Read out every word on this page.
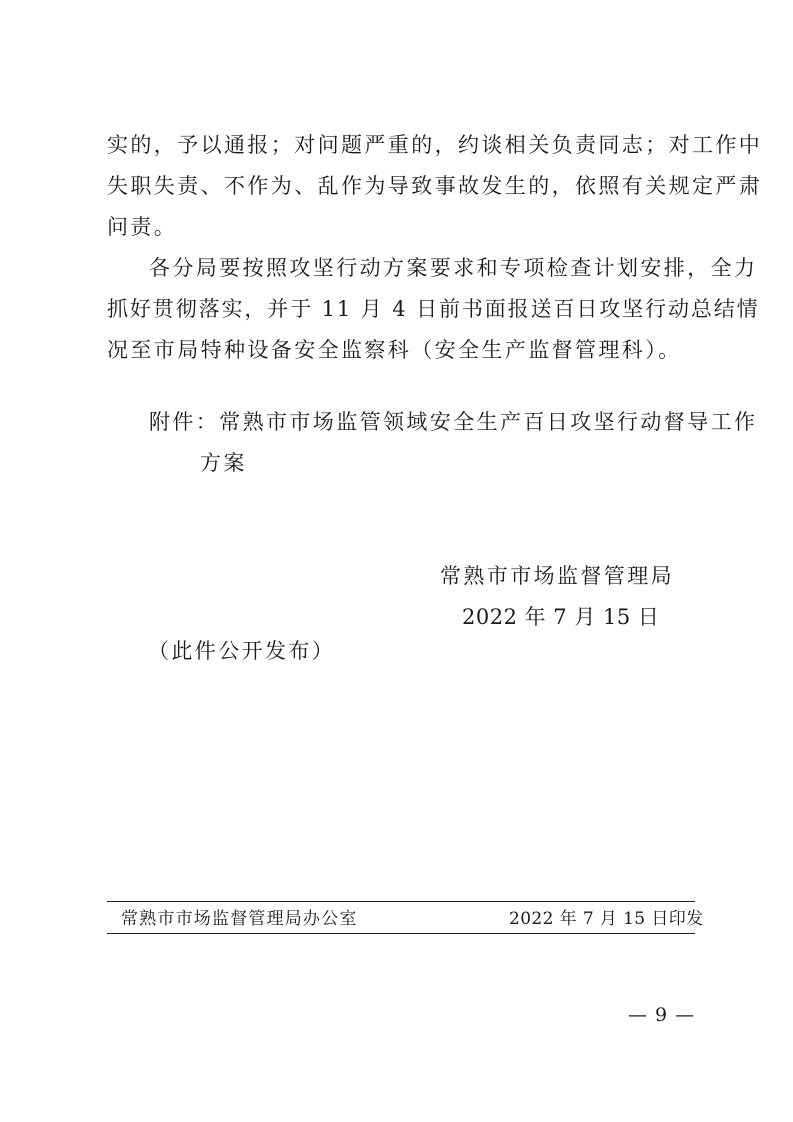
实的，予以通报；对问题严重的，约谈相关负责同志；对工作中
失职失责、不作为、乱作为导致事故发生的，依照有关规定严肃
问责。
各分局要按照攻坚行动方案要求和专项检查计划安排，全力
抓好贯彻落实，并于 11 月 4 日前书面报送百日攻坚行动总结情
况至市局特种设备安全监察科（安全生产监督管理科）。
附件：常熟市市场监管领域安全生产百日攻坚行动督导工作
方案
常熟市市场监督管理局
2022 年 7 月 15 日
（此件公开发布）
常熟市市场监督管理局办公室	2022 年 7 月 15 日印发
— 9 —
